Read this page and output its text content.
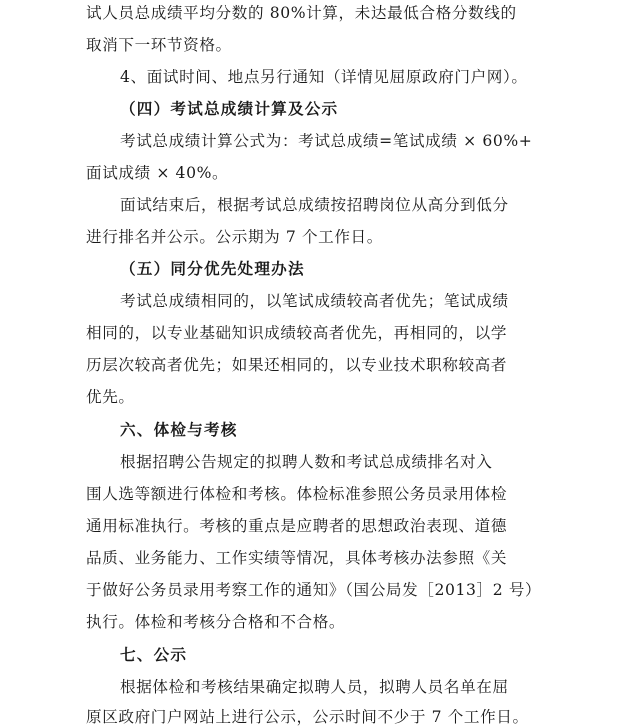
试人员总成绩平均分数的 80%计算，未达最低合格分数线的
取消下一环节资格。
4、面试时间、地点另行通知（详情见屈原政府门户网）。
（四）考试总成绩计算及公示
考试总成绩计算公式为：考试总成绩=笔试成绩 × 60%+
面试成绩 × 40%。
面试结束后，根据考试总成绩按招聘岗位从高分到低分
进行排名并公示。公示期为 7 个工作日。
（五）同分优先处理办法
考试总成绩相同的，以笔试成绩较高者优先；笔试成绩
相同的，以专业基础知识成绩较高者优先，再相同的，以学
历层次较高者优先；如果还相同的，以专业技术职称较高者
优先。
六、体检与考核
根据招聘公告规定的拟聘人数和考试总成绩排名对入
围人选等额进行体检和考核。体检标准参照公务员录用体检
通用标准执行。考核的重点是应聘者的思想政治表现、道德
品质、业务能力、工作实绩等情况，具体考核办法参照《关
于做好公务员录用考察工作的通知》（国公局发［2013］2 号）
执行。体检和考核分合格和不合格。
七、公示
根据体检和考核结果确定拟聘人员，拟聘人员名单在屈
原区政府门户网站上进行公示，公示时间不少于 7 个工作日。
